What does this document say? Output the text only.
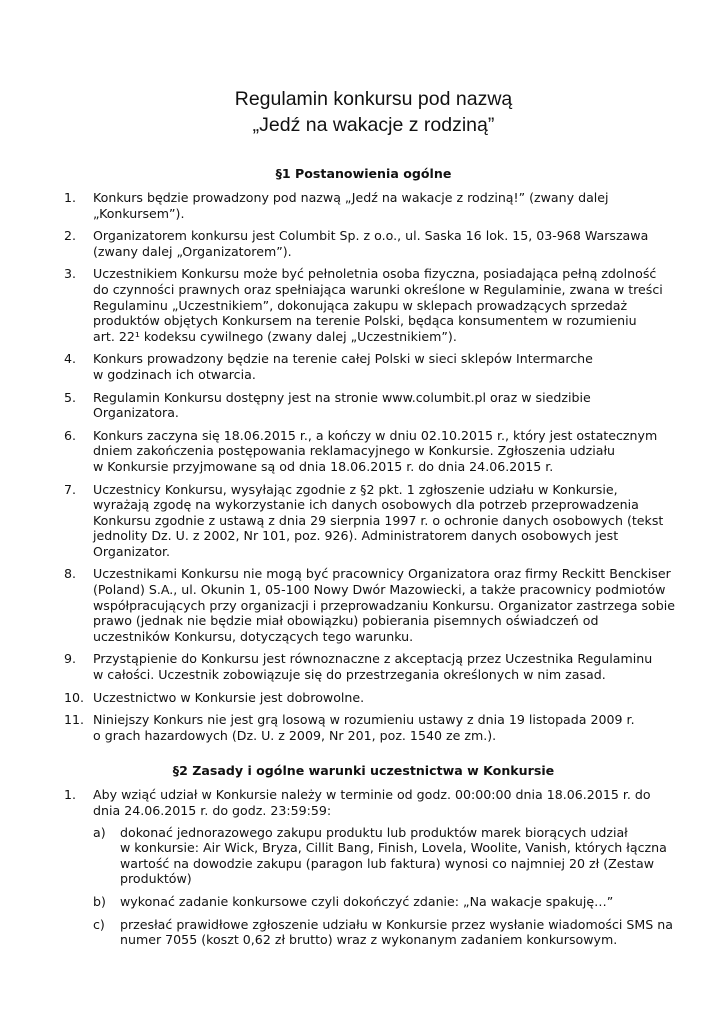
Regulamin konkursu pod nazwą
„Jedź na wakacje z rodziną”
§1 Postanowienia ogólne
1. Konkurs będzie prowadzony pod nazwą „Jedź na wakacje z rodziną!” (zwany dalej
„Konkursem”).
2. Organizatorem konkursu jest Columbit Sp. z o.o., ul. Saska 16 lok. 15, 03-968 Warszawa
(zwany dalej „Organizatorem”).
3. Uczestnikiem Konkursu może być pełnoletnia osoba fizyczna, posiadająca pełną zdolność
do czynności prawnych oraz spełniająca warunki określone w Regulaminie, zwana w treści
Regulaminu „Uczestnikiem”, dokonująca zakupu w sklepach prowadzących sprzedaż
produktów objętych Konkursem na terenie Polski, będąca konsumentem w rozumieniu
art. 22¹ kodeksu cywilnego (zwany dalej „Uczestnikiem”).
4. Konkurs prowadzony będzie na terenie całej Polski w sieci sklepów Intermarche
w godzinach ich otwarcia.
5. Regulamin Konkursu dostępny jest na stronie www.columbit.pl oraz w siedzibie
Organizatora.
6. Konkurs zaczyna się 18.06.2015 r., a kończy w dniu 02.10.2015 r., który jest ostatecznym
dniem zakończenia postępowania reklamacyjnego w Konkursie. Zgłoszenia udziału
w Konkursie przyjmowane są od dnia 18.06.2015 r. do dnia 24.06.2015 r.
7. Uczestnicy Konkursu, wysyłając zgodnie z §2 pkt. 1 zgłoszenie udziału w Konkursie,
wyrażają zgodę na wykorzystanie ich danych osobowych dla potrzeb przeprowadzenia
Konkursu zgodnie z ustawą z dnia 29 sierpnia 1997 r. o ochronie danych osobowych (tekst
jednolity Dz. U. z 2002, Nr 101, poz. 926). Administratorem danych osobowych jest
Organizator.
8. Uczestnikami Konkursu nie mogą być pracownicy Organizatora oraz firmy Reckitt Benckiser
(Poland) S.A., ul. Okunin 1, 05-100 Nowy Dwór Mazowiecki, a także pracownicy podmiotów
współpracujących przy organizacji i przeprowadzaniu Konkursu. Organizator zastrzega sobie
prawo (jednak nie będzie miał obowiązku) pobierania pisemnych oświadczeń od
uczestników Konkursu, dotyczących tego warunku.
9. Przystąpienie do Konkursu jest równoznaczne z akceptacją przez Uczestnika Regulaminu
w całości. Uczestnik zobowiązuje się do przestrzegania określonych w nim zasad.
10. Uczestnictwo w Konkursie jest dobrowolne.
11. Niniejszy Konkurs nie jest grą losową w rozumieniu ustawy z dnia 19 listopada 2009 r.
o grach hazardowych (Dz. U. z 2009, Nr 201, poz. 1540 ze zm.).
§2 Zasady i ogólne warunki uczestnictwa w Konkursie
1. Aby wziąć udział w Konkursie należy w terminie od godz. 00:00:00 dnia 18.06.2015 r. do
dnia 24.06.2015 r. do godz. 23:59:59:
a) dokonać jednorazowego zakupu produktu lub produktów marek biorących udział
w konkursie: Air Wick, Bryza, Cillit Bang, Finish, Lovela, Woolite, Vanish, których łączna
wartość na dowodzie zakupu (paragon lub faktura) wynosi co najmniej 20 zł (Zestaw
produktów)
b) wykonać zadanie konkursowe czyli dokończyć zdanie: „Na wakacje spakuję…”
c) przesłać prawidłowe zgłoszenie udziału w Konkursie przez wysłanie wiadomości SMS na
numer 7055 (koszt 0,62 zł brutto) wraz z wykonanym zadaniem konkursowym.
